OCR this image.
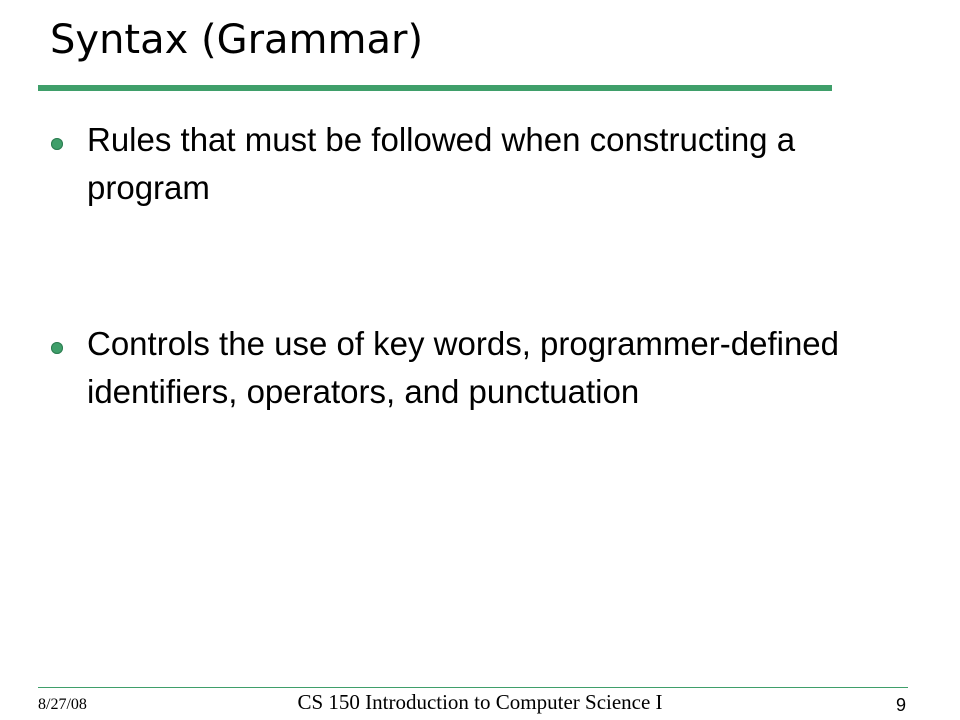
Syntax (Grammar)
Rules that must be followed when constructing a program
Controls the use of key words, programmer-defined identifiers, operators, and punctuation
8/27/08	CS 150 Introduction to Computer Science I	9
